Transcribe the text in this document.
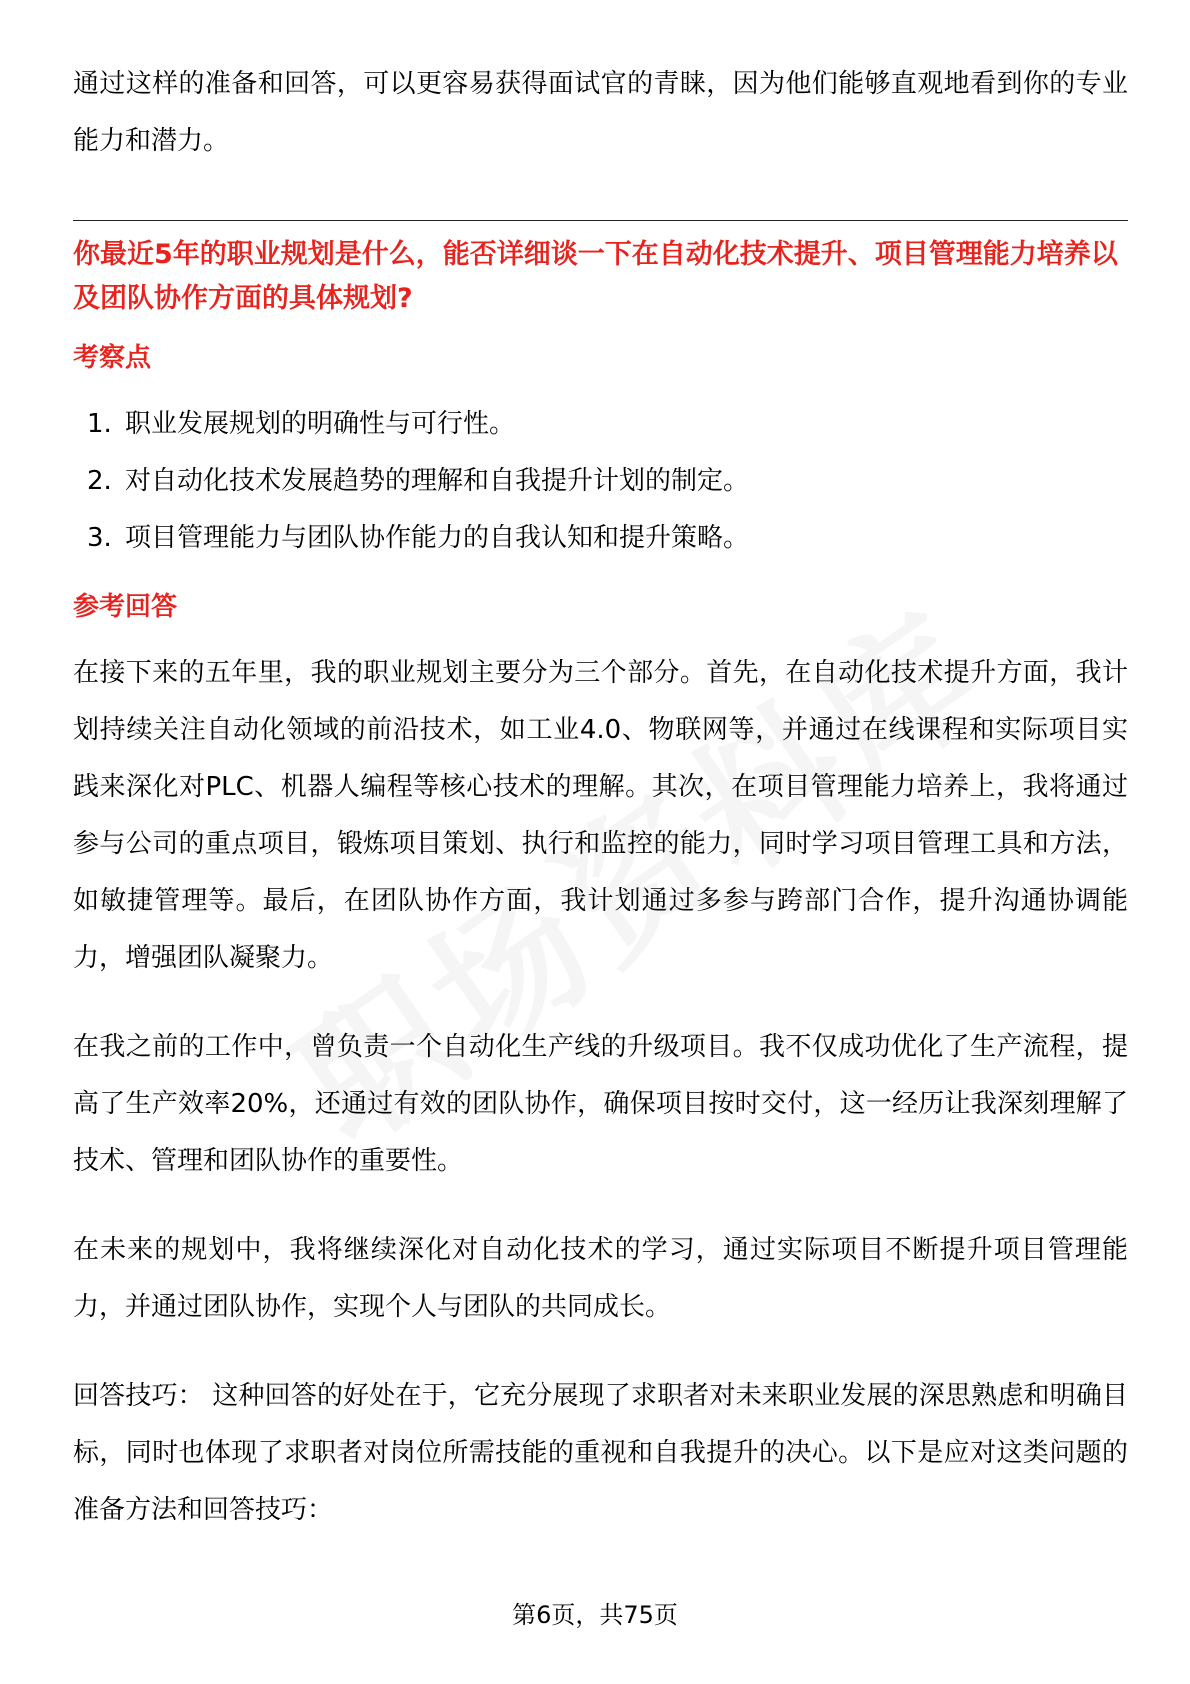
通过这样的准备和回答，可以更容易获得面试官的青睐，因为他们能够直观地看到你的专业能力和潜力。

你最近5年的职业规划是什么，能否详细谈一下在自动化技术提升、项目管理能力培养以及团队协作方面的具体规划?

考察点
1. 职业发展规划的明确性与可行性。
2. 对自动化技术发展趋势的理解和自我提升计划的制定。
3. 项目管理能力与团队协作能力的自我认知和提升策略。
参考回答

在接下来的五年里，我的职业规划主要分为三个部分。首先，在自动化技术提升方面，我计划持续关注自动化领域的前沿技术，如工业4.0、物联网等，并通过在线课程和实际项目实践来深化对PLC、机器人编程等核心技术的理解。其次，在项目管理能力培养上，我将通过参与公司的重点项目，锻炼项目策划、执行和监控的能力，同时学习项目管理工具和方法，如敏捷管理等。最后，在团队协作方面，我计划通过多参与跨部门合作，提升沟通协调能力，增强团队凝聚力。

在我之前的工作中，曾负责一个自动化生产线的升级项目。我不仅成功优化了生产流程，提高了生产效率20%，还通过有效的团队协作，确保项目按时交付，这一经历让我深刻理解了技术、管理和团队协作的重要性。

在未来的规划中，我将继续深化对自动化技术的学习，通过实际项目不断提升项目管理能力，并通过团队协作，实现个人与团队的共同成长。

回答技巧： 这种回答的好处在于，它充分展现了求职者对未来职业发展的深思熟虑和明确目标，同时也体现了求职者对岗位所需技能的重视和自我提升的决心。以下是应对这类问题的准备方法和回答技巧：

第6页，共75页
